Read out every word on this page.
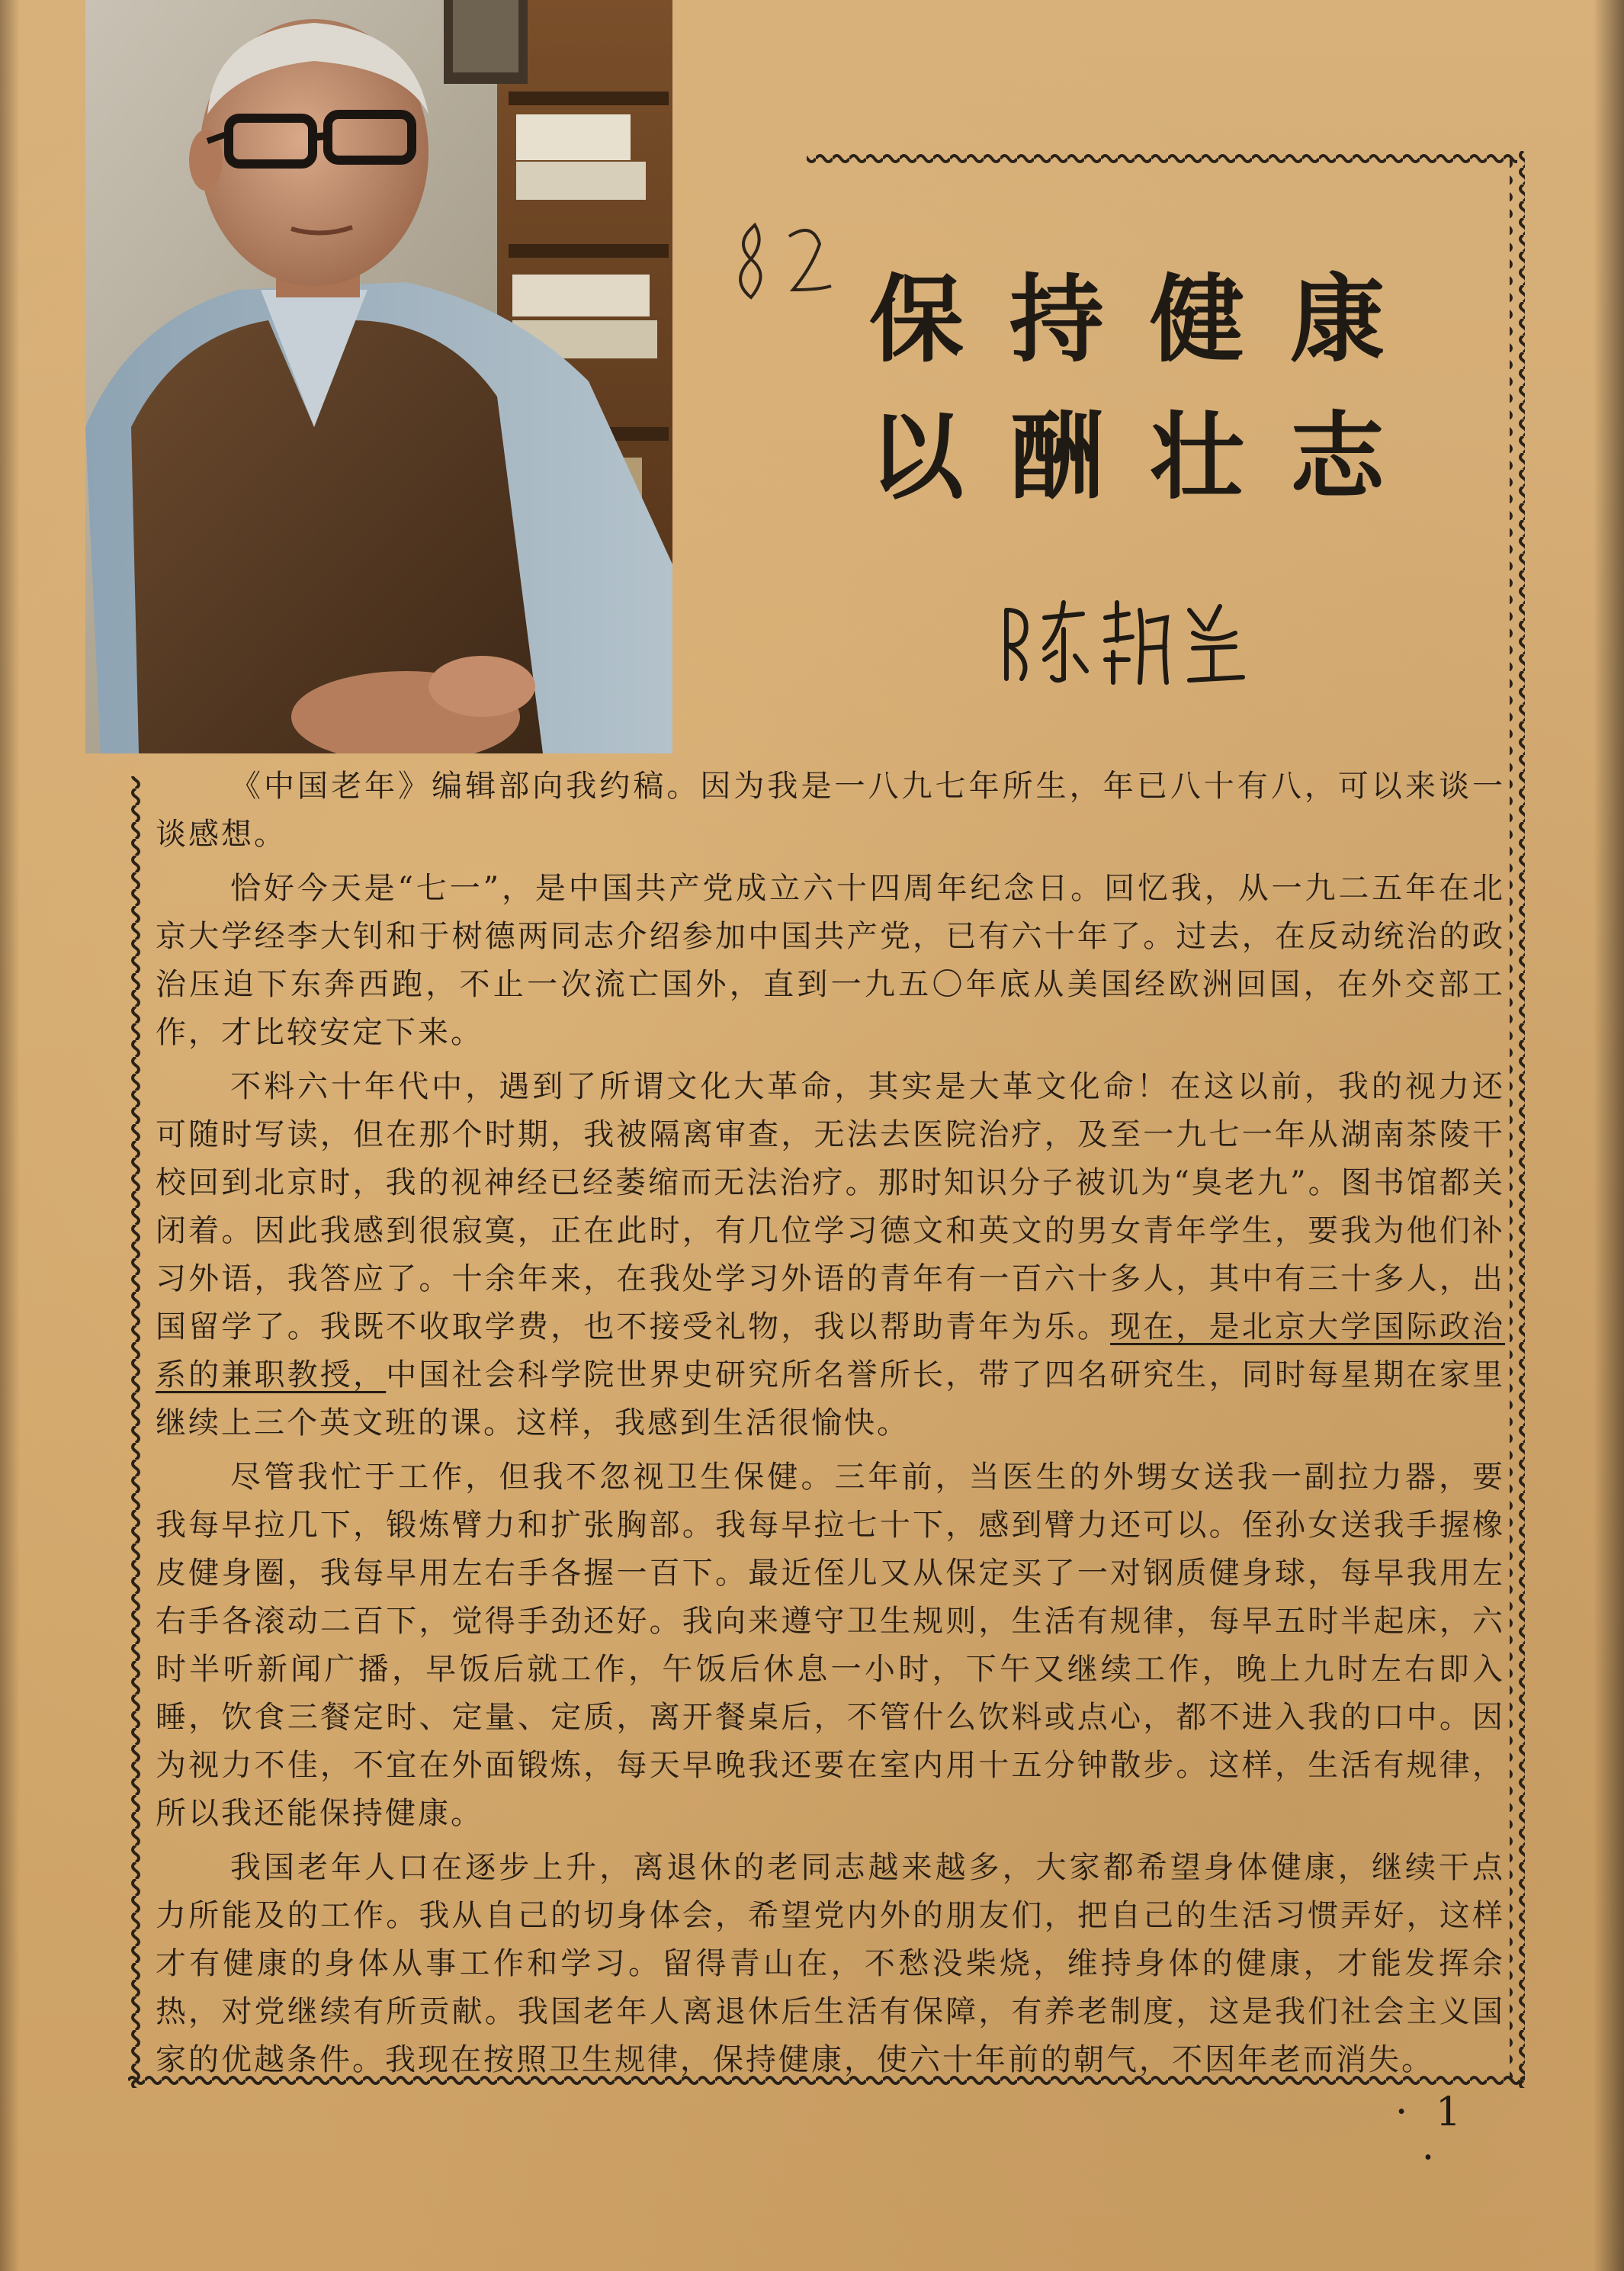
保持健康
以酬壮志

《中国老年》编辑部向我约稿。因为我是一八九七年所生，年已八十有八，可以来谈一谈感想。

恰好今天是“七一”，是中国共产党成立六十四周年纪念日。回忆我，从一九二五年在北京大学经李大钊和于树德两同志介绍参加中国共产党，已有六十年了。过去，在反动统治的政治压迫下东奔西跑，不止一次流亡国外，直到一九五〇年底从美国经欧洲回国，在外交部工作，才比较安定下来。

不料六十年代中，遇到了所谓文化大革命，其实是大革文化命！在这以前，我的视力还可随时写读，但在那个时期，我被隔离审查，无法去医院治疗，及至一九七一年从湖南茶陵干校回到北京时，我的视神经已经萎缩而无法治疗。那时知识分子被讥为“臭老九”。图书馆都关闭着。因此我感到很寂寞，正在此时，有几位学习德文和英文的男女青年学生，要我为他们补习外语，我答应了。十余年来，在我处学习外语的青年有一百六十多人，其中有三十多人，出国留学了。我既不收取学费，也不接受礼物，我以帮助青年为乐。现在，是北京大学国际政治系的兼职教授，中国社会科学院世界史研究所名誉所长，带了四名研究生，同时每星期在家里继续上三个英文班的课。这样，我感到生活很愉快。

尽管我忙于工作，但我不忽视卫生保健。三年前，当医生的外甥女送我一副拉力器，要我每早拉几下，锻炼臂力和扩张胸部。我每早拉七十下，感到臂力还可以。侄孙女送我手握橡皮健身圈，我每早用左右手各握一百下。最近侄儿又从保定买了一对钢质健身球，每早我用左右手各滚动二百下，觉得手劲还好。我向来遵守卫生规则，生活有规律，每早五时半起床，六时半听新闻广播，早饭后就工作，午饭后休息一小时，下午又继续工作，晚上九时左右即入睡，饮食三餐定时、定量、定质，离开餐桌后，不管什么饮料或点心，都不进入我的口中。因为视力不佳，不宜在外面锻炼，每天早晚我还要在室内用十五分钟散步。这样，生活有规律，所以我还能保持健康。

我国老年人口在逐步上升，离退休的老同志越来越多，大家都希望身体健康，继续干点力所能及的工作。我从自己的切身体会，希望党内外的朋友们，把自己的生活习惯弄好，这样才有健康的身体从事工作和学习。留得青山在，不愁没柴烧，维持身体的健康，才能发挥余热，对党继续有所贡献。我国老年人离退休后生活有保障，有养老制度，这是我们社会主义国家的优越条件。我现在按照卫生规律，保持健康，使六十年前的朝气，不因年老而消失。

· 1 ·
